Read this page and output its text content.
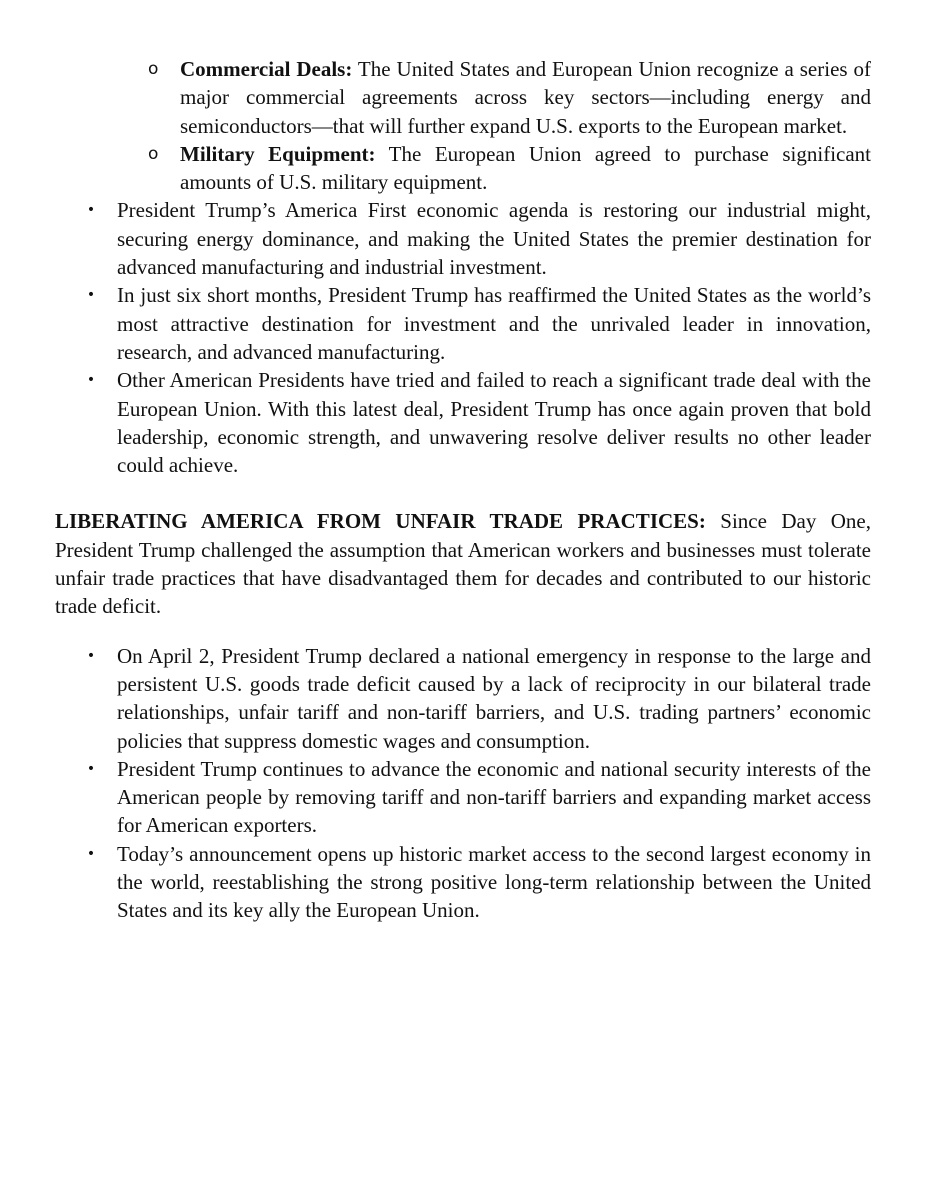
o Commercial Deals: The United States and European Union recognize a series of major commercial agreements across key sectors—including energy and semiconductors—that will further expand U.S. exports to the European market.

o Military Equipment: The European Union agreed to purchase significant amounts of U.S. military equipment.

• President Trump’s America First economic agenda is restoring our industrial might, securing energy dominance, and making the United States the premier destination for advanced manufacturing and industrial investment.

• In just six short months, President Trump has reaffirmed the United States as the world’s most attractive destination for investment and the unrivaled leader in innovation, research, and advanced manufacturing.

• Other American Presidents have tried and failed to reach a significant trade deal with the European Union. With this latest deal, President Trump has once again proven that bold leadership, economic strength, and unwavering resolve deliver results no other leader could achieve.

LIBERATING AMERICA FROM UNFAIR TRADE PRACTICES: Since Day One, President Trump challenged the assumption that American workers and businesses must tolerate unfair trade practices that have disadvantaged them for decades and contributed to our historic trade deficit.

• On April 2, President Trump declared a national emergency in response to the large and persistent U.S. goods trade deficit caused by a lack of reciprocity in our bilateral trade relationships, unfair tariff and non-tariff barriers, and U.S. trading partners’ economic policies that suppress domestic wages and consumption.

• President Trump continues to advance the economic and national security interests of the American people by removing tariff and non-tariff barriers and expanding market access for American exporters.

• Today’s announcement opens up historic market access to the second largest economy in the world, reestablishing the strong positive long-term relationship between the United States and its key ally the European Union.
